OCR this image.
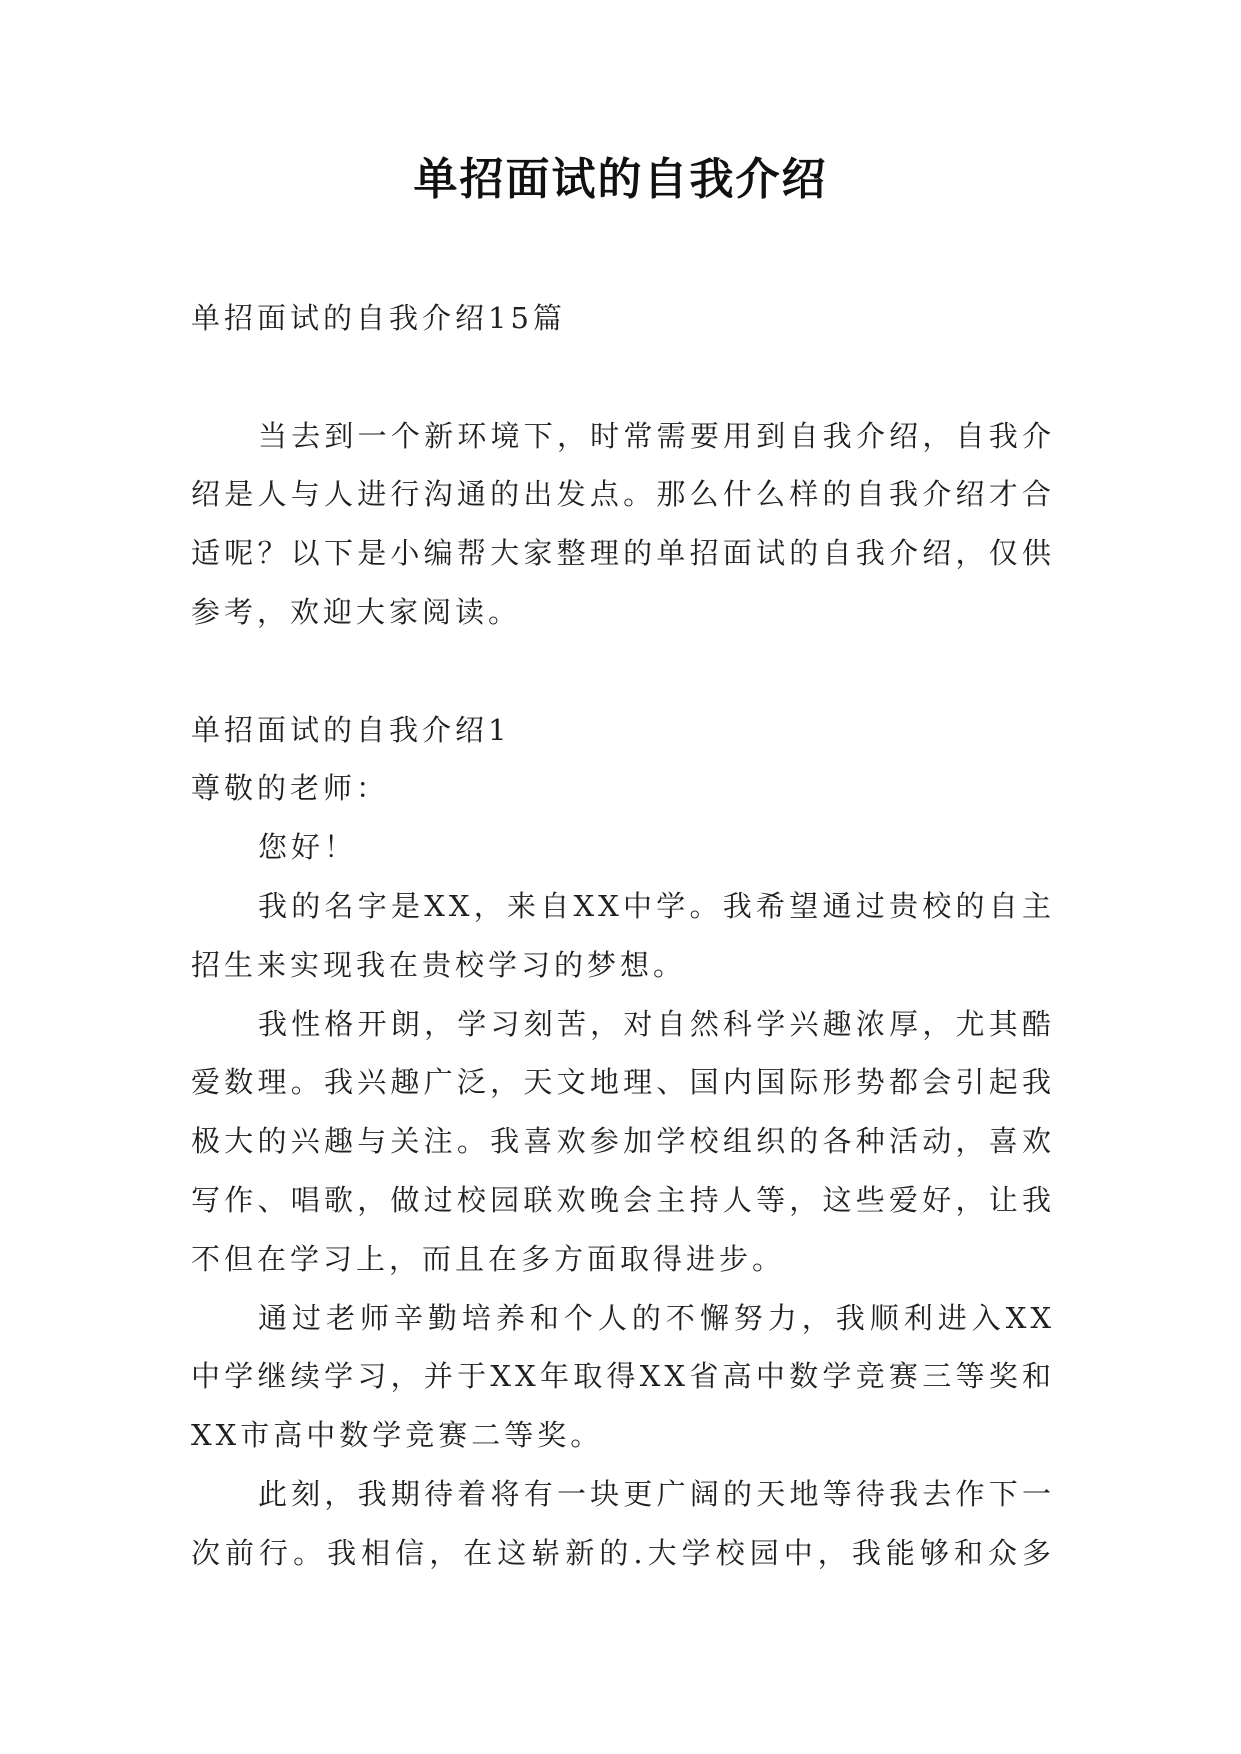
单招面试的自我介绍
单招面试的自我介绍15篇
当去到一个新环境下，时常需要用到自我介绍，自我介
绍是人与人进行沟通的出发点。那么什么样的自我介绍才合
适呢？以下是小编帮大家整理的单招面试的自我介绍，仅供
参考，欢迎大家阅读。
单招面试的自我介绍1
尊敬的老师：
您好！
我的名字是XX，来自XX中学。我希望通过贵校的自主
招生来实现我在贵校学习的梦想。
我性格开朗，学习刻苦，对自然科学兴趣浓厚，尤其酷
爱数理。我兴趣广泛，天文地理、国内国际形势都会引起我
极大的兴趣与关注。我喜欢参加学校组织的各种活动，喜欢
写作、唱歌，做过校园联欢晚会主持人等，这些爱好，让我
不但在学习上，而且在多方面取得进步。
通过老师辛勤培养和个人的不懈努力，我顺利进入XX
中学继续学习，并于XX年取得XX省高中数学竞赛三等奖和
XX市高中数学竞赛二等奖。
此刻，我期待着将有一块更广阔的天地等待我去作下一
次前行。我相信，在这崭新的.大学校园中，我能够和众多
